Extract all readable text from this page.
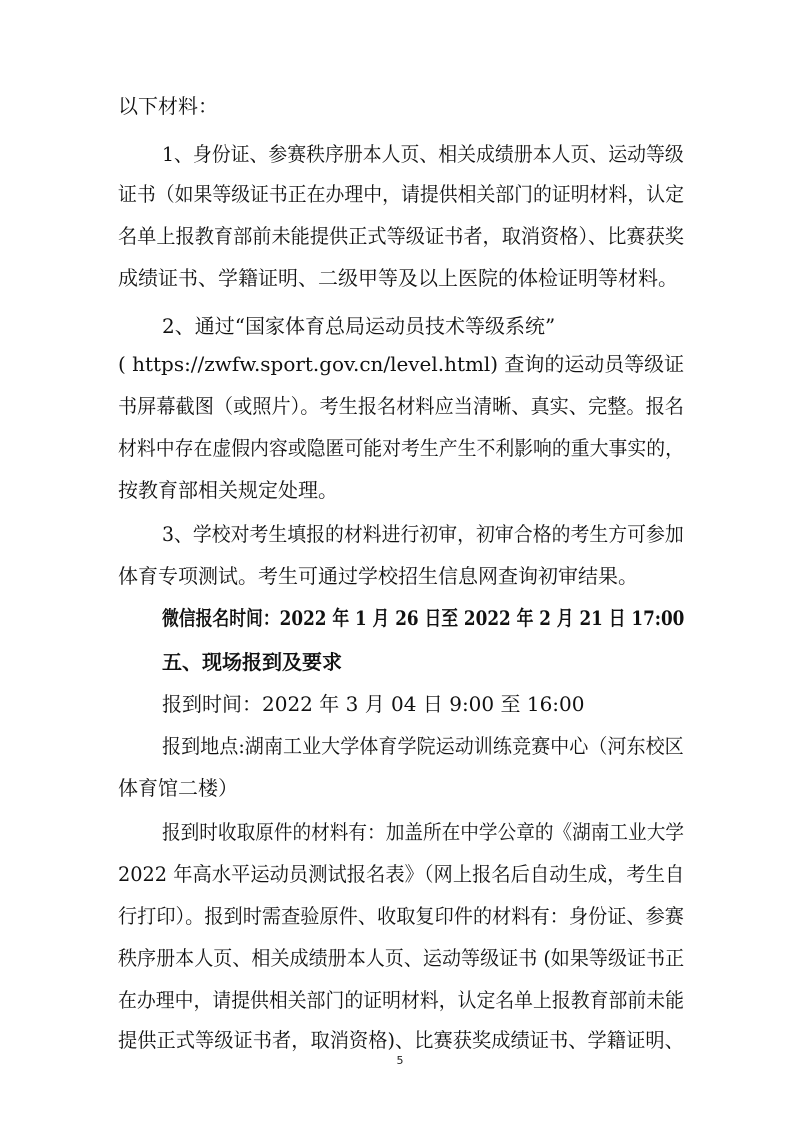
以下材料：
1、身份证、参赛秩序册本人页、相关成绩册本人页、运动等级
证书（如果等级证书正在办理中，请提供相关部门的证明材料，认定
名单上报教育部前未能提供正式等级证书者，取消资格）、比赛获奖
成绩证书、学籍证明、二级甲等及以上医院的体检证明等材料。
2、通过“国家体育总局运动员技术等级系统”
( https://zwfw.sport.gov.cn/level.html) 查询的运动员等级证
书屏幕截图（或照片）。考生报名材料应当清晰、真实、完整。报名
材料中存在虚假内容或隐匿可能对考生产生不利影响的重大事实的，
按教育部相关规定处理。
3、学校对考生填报的材料进行初审，初审合格的考生方可参加
体育专项测试。考生可通过学校招生信息网查询初审结果。
微信报名时间：2022 年 1 月 26 日至 2022 年 2 月 21 日 17:00
五、现场报到及要求
报到时间：2022 年 3 月 04 日 9:00 至 16:00
报到地点:湖南工业大学体育学院运动训练竞赛中心（河东校区
体育馆二楼）
报到时收取原件的材料有：加盖所在中学公章的《湖南工业大学
2022 年高水平运动员测试报名表》（网上报名后自动生成，考生自
行打印）。报到时需查验原件、收取复印件的材料有：身份证、参赛
秩序册本人页、相关成绩册本人页、运动等级证书 (如果等级证书正
在办理中，请提供相关部门的证明材料，认定名单上报教育部前未能
提供正式等级证书者，取消资格)、比赛获奖成绩证书、学籍证明、
5
